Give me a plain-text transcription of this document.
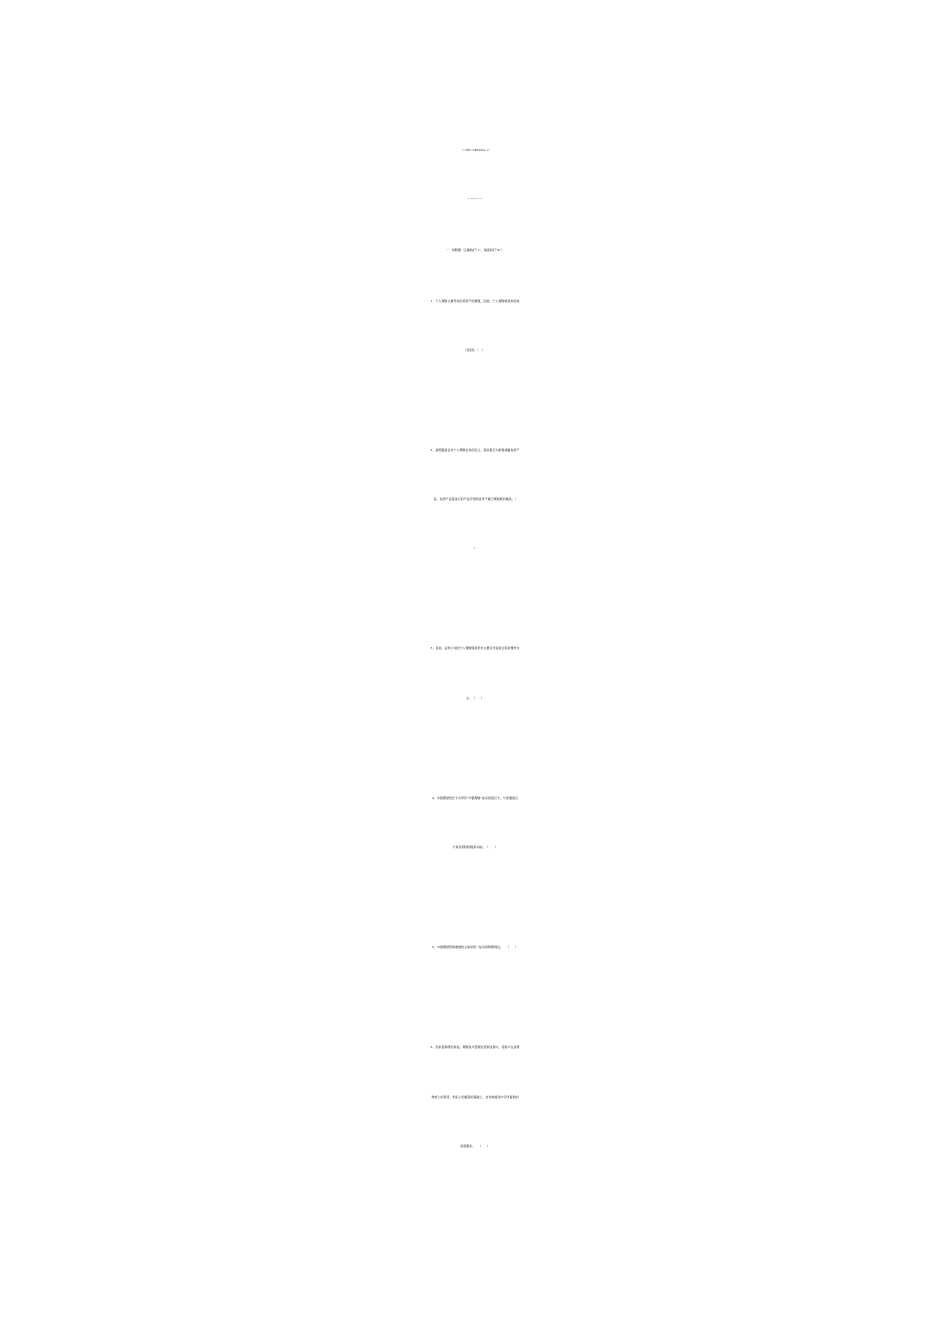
《个人理财》试题及答案08。27
（总计：判断76/单选145/多选57）
一、判断题（正确的打“√”，错误的打“X”）
1、个人理财主要考虑的是资产的增值，因此，个人理财就是如何进
行投资。（　）
2、按照银监会对个人理财业务的定义，商业银行为销售储蓄存款产
品、信贷产品等进行的产品介绍和宣传不属于理财顾问服务。（
）
3、目前，证券公司的个人理财服务形式主要以代客进行投资操作为
主。　（　　）
4、中银理财贵宾卡为带有“中银理财”标识的借记卡，与普通借记
卡具有相同的服务功能。　（　　）
5、中银理财营销渠道的主体是统一标识的物理网点。　　（　　）
6、知识营销原则是指，理财客户经理在营销过程中，使客户在获得
物质上的享受、知识上的提高的基础上，自觉地接受中行所提供的
各项服务。　　（　　）
